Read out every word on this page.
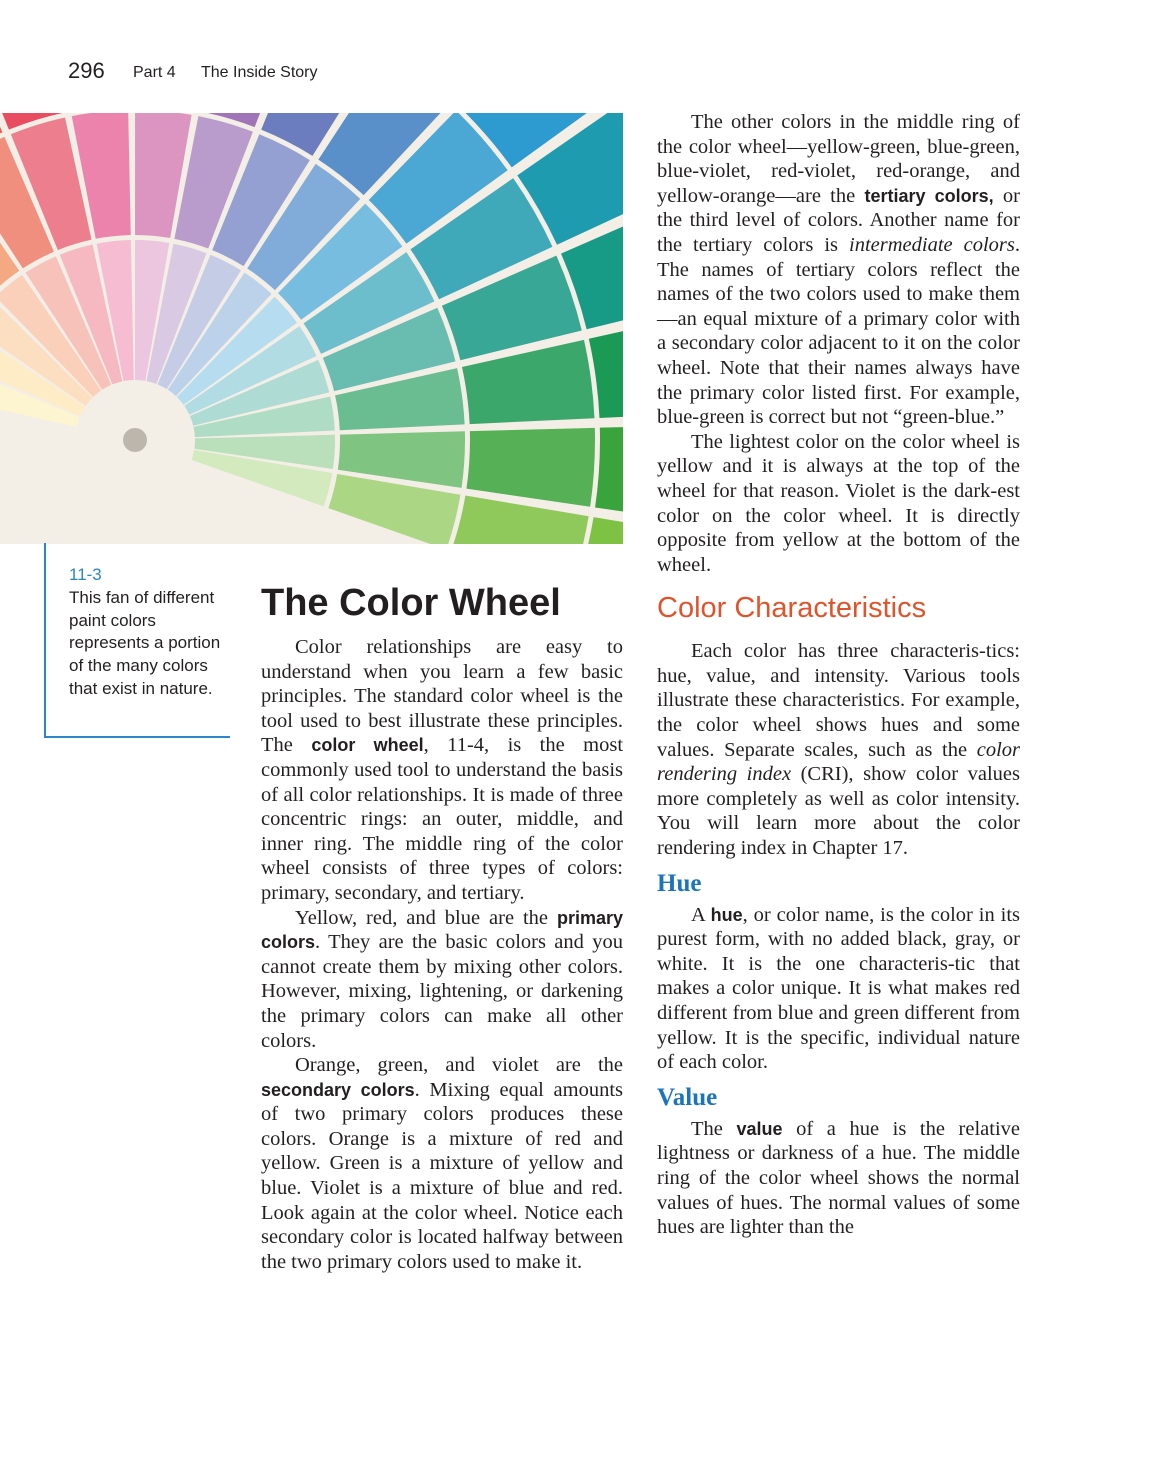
296 Part 4 The Inside Story
11-3
This fan of different paint colors represents a portion of the many colors that exist in nature.
The Color Wheel

Color relationships are easy to understand when you learn a few basic principles. The standard color wheel is the tool used to best illustrate these principles. The color wheel, 11-4, is the most commonly used tool to understand the basis of all color relationships. It is made of three concentric rings: an outer, middle, and inner ring. The middle ring of the color wheel consists of three types of colors: primary, secondary, and tertiary.

Yellow, red, and blue are the primary colors. They are the basic colors and you cannot create them by mixing other colors. However, mixing, lightening, or darkening the primary colors can make all other colors.

Orange, green, and violet are the secondary colors. Mixing equal amounts of two primary colors produces these colors. Orange is a mixture of red and yellow. Green is a mixture of yellow and blue. Violet is a mixture of blue and red. Look again at the color wheel. Notice each secondary color is located halfway between the two primary colors used to make it.

The other colors in the middle ring of the color wheel—yellow-green, blue-green, blue-violet, red-violet, red-orange, and yellow-orange—are the tertiary colors, or the third level of colors. Another name for the tertiary colors is intermediate colors. The names of tertiary colors reflect the names of the two colors used to make them—an equal mixture of a primary color with a secondary color adjacent to it on the color wheel. Note that their names always have the primary color listed first. For example, blue-green is correct but not “green-blue.”

The lightest color on the color wheel is yellow and it is always at the top of the wheel for that reason. Violet is the dark-est color on the color wheel. It is directly opposite from yellow at the bottom of the wheel.

Color Characteristics

Each color has three characteris-tics: hue, value, and intensity. Various tools illustrate these characteristics. For example, the color wheel shows hues and some values. Separate scales, such as the color rendering index (CRI), show color values more completely as well as color intensity. You will learn more about the color rendering index in Chapter 17.

Hue

A hue, or color name, is the color in its purest form, with no added black, gray, or white. It is the one characteris-tic that makes a color unique. It is what makes red different from blue and green different from yellow. It is the specific, individual nature of each color.

Value

The value of a hue is the relative lightness or darkness of a hue. The middle ring of the color wheel shows the normal values of hues. The normal values of some hues are lighter than the
